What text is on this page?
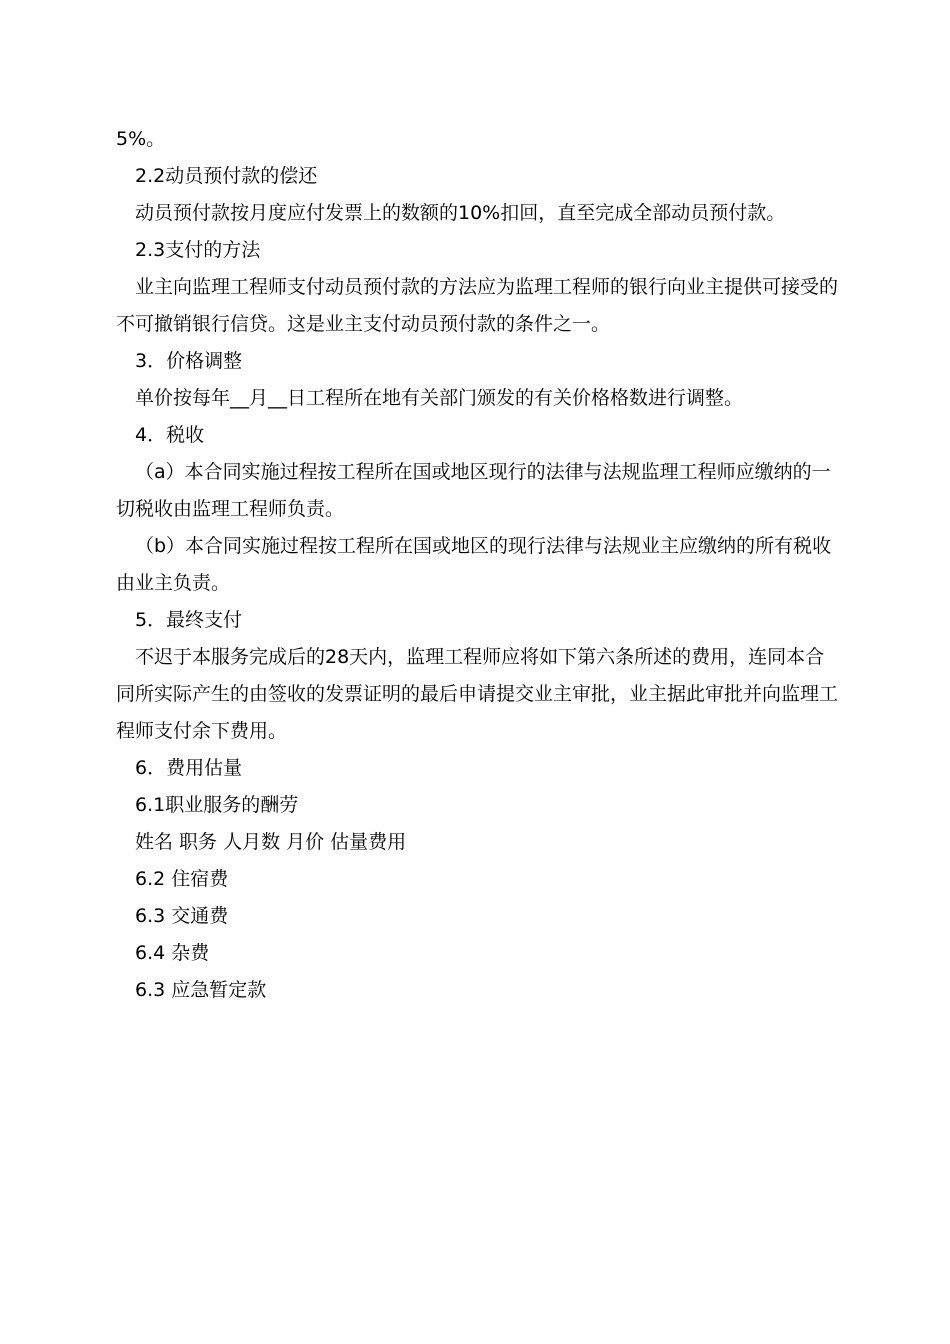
5%。
2.2动员预付款的偿还
动员预付款按月度应付发票上的数额的10%扣回，直至完成全部动员预付款。
2.3支付的方法
业主向监理工程师支付动员预付款的方法应为监理工程师的银行向业主提供可接受的不可撤销银行信贷。这是业主支付动员预付款的条件之一。
3．价格调整
单价按每年__月__日工程所在地有关部门颁发的有关价格格数进行调整。
4．税收
（a）本合同实施过程按工程所在国或地区现行的法律与法规监理工程师应缴纳的一切税收由监理工程师负责。
（b）本合同实施过程按工程所在国或地区的现行法律与法规业主应缴纳的所有税收由业主负责。
5．最终支付
不迟于本服务完成后的28天内，监理工程师应将如下第六条所述的费用，连同本合同所实际产生的由签收的发票证明的最后申请提交业主审批，业主据此审批并向监理工程师支付余下费用。
6．费用估量
6.1职业服务的酬劳
姓名 职务 人月数 月价 估量费用
6.2 住宿费
6.3 交通费
6.4 杂费
6.3 应急暂定款
